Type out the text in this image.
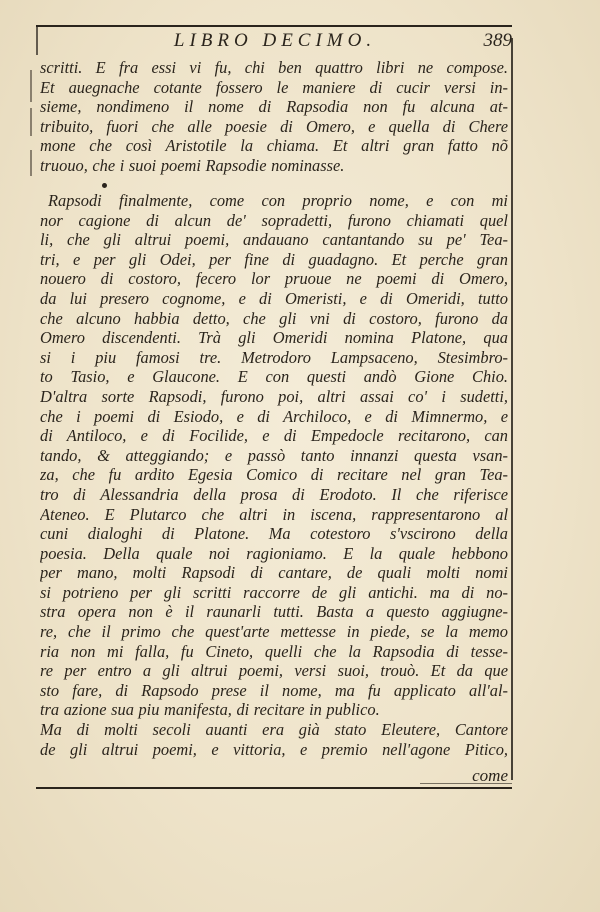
LIBRO DECIMO.	389
scritti. E fra essi vi fu, chi ben quattro libri ne compose.
Et auegnache cotante fossero le maniere di cucir versi in-
sieme, nondimeno il nome di Rapsodia non fu alcuna at-
tribuito, fuori che alle poesie di Omero, e quella di Chere
mone che così Aristotile la chiama. Et altri gran fatto nõ
truouo, che i suoi poemi Rapsodie nominasse.
Rapsodi finalmente, come con proprio nome, e con mi
nor cagione di alcun de' sopradetti, furono chiamati quel
li, che gli altrui poemi, andauano cantantando su pe' Tea-
tri, e per gli Odei, per fine di guadagno. Et perche gran
nouero di costoro, fecero lor pruoue ne poemi di Omero,
da lui presero cognome, e di Omeristi, e di Omeridi, tutto
che alcuno habbia detto, che gli vni di costoro, furono da
Omero discendenti. Trà gli Omeridi nomina Platone, qua
si i piu famosi tre. Metrodoro Lampsaceno, Stesimbro-
to Tasio, e Glaucone. E con questi andò Gione Chio.
D'altra sorte Rapsodi, furono poi, altri assai co' i sudetti,
che i poemi di Esiodo, e di Archiloco, e di Mimnermo, e
di Antiloco, e di Focilide, e di Empedocle recitarono, can
tando, & atteggiando; e passò tanto innanzi questa vsan-
za, che fu ardito Egesia Comico di recitare nel gran Tea-
tro di Alessandria della prosa di Erodoto. Il che riferisce
Ateneo. E Plutarco che altri in iscena, rappresentarono al
cuni dialoghi di Platone. Ma cotestoro s'vscirono della
poesia. Della quale noi ragioniamo. E la quale hebbono
per mano, molti Rapsodi di cantare, de quali molti nomi
si potrieno per gli scritti raccorre de gli antichi. ma di no-
stra opera non è il raunarli tutti. Basta a questo aggiugne-
re, che il primo che quest'arte mettesse in piede, se la memo
ria non mi falla, fu Cineto, quelli che la Rapsodia di tesse-
re per entro a gli altrui poemi, versi suoi, trouò. Et da que
sto fare, di Rapsodo prese il nome, ma fu applicato all'al-
tra azione sua piu manifesta, di recitare in publico.
Ma di molti secoli auanti era già stato Eleutere, Cantore
de gli altrui poemi, e vittoria, e premio nell'agone Pitico,
come
